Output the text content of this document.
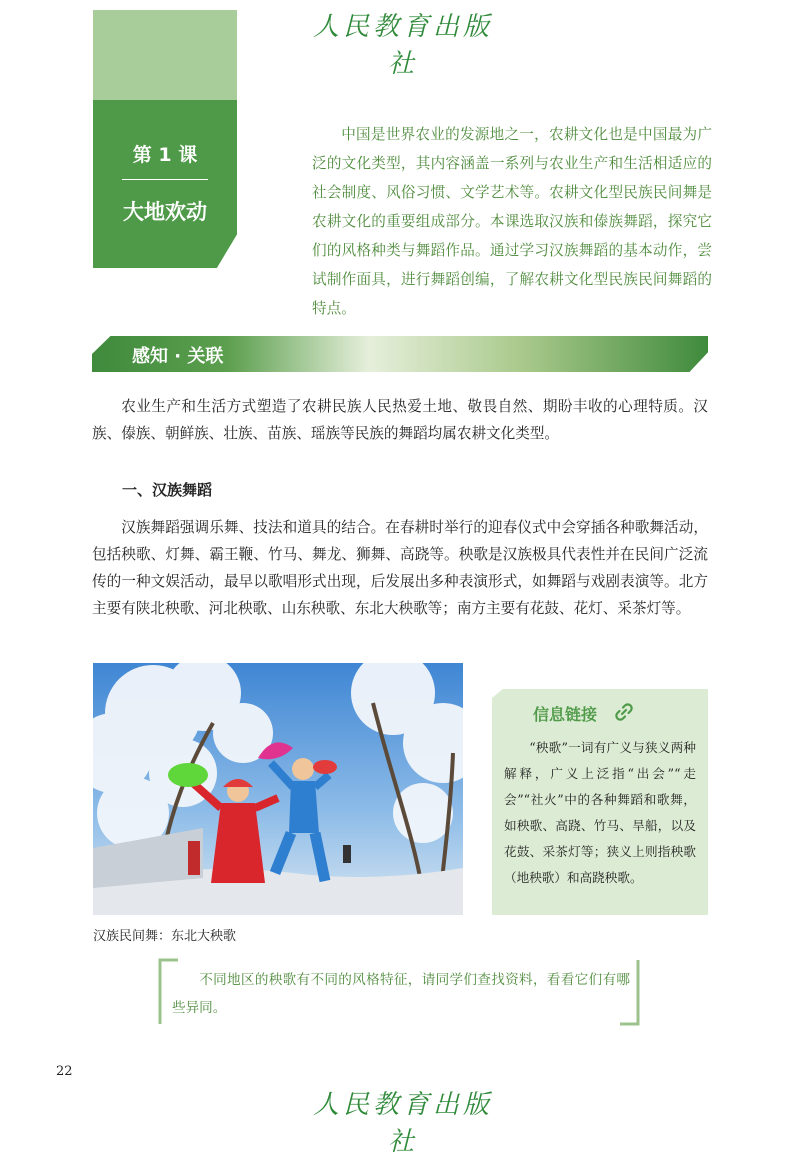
人民教育出版社
第 1 课
大地欢动

中国是世界农业的发源地之一，农耕文化也是中国最为广泛的文化类型，其内容涵盖一系列与农业生产和生活相适应的社会制度、风俗习惯、文学艺术等。农耕文化型民族民间舞是农耕文化的重要组成部分。本课选取汉族和傣族舞蹈，探究它们的风格种类与舞蹈作品。通过学习汉族舞蹈的基本动作，尝试制作面具，进行舞蹈创编，了解农耕文化型民族民间舞蹈的特点。

感知 · 关联

农业生产和生活方式塑造了农耕民族人民热爱土地、敬畏自然、期盼丰收的心理特质。汉族、傣族、朝鲜族、壮族、苗族、瑶族等民族的舞蹈均属农耕文化类型。

一、汉族舞蹈

汉族舞蹈强调乐舞、技法和道具的结合。在春耕时举行的迎春仪式中会穿插各种歌舞活动，包括秧歌、灯舞、霸王鞭、竹马、舞龙、狮舞、高跷等。秧歌是汉族极具代表性并在民间广泛流传的一种文娱活动，最早以歌唱形式出现，后发展出多种表演形式，如舞蹈与戏剧表演等。北方主要有陕北秧歌、河北秧歌、山东秧歌、东北大秧歌等；南方主要有花鼓、花灯、采茶灯等。

汉族民间舞：东北大秧歌
信息链接

“秧歌”一词有广义与狭义两种解释，广义上泛指“出会”“走会”“社火”中的各种舞蹈和歌舞，如秧歌、高跷、竹马、旱船，以及花鼓、采茶灯等；狭义上则指秧歌（地秧歌）和高跷秧歌。

不同地区的秧歌有不同的风格特征，请同学们查找资料，看看它们有哪些异同。

22
人民教育出版社
